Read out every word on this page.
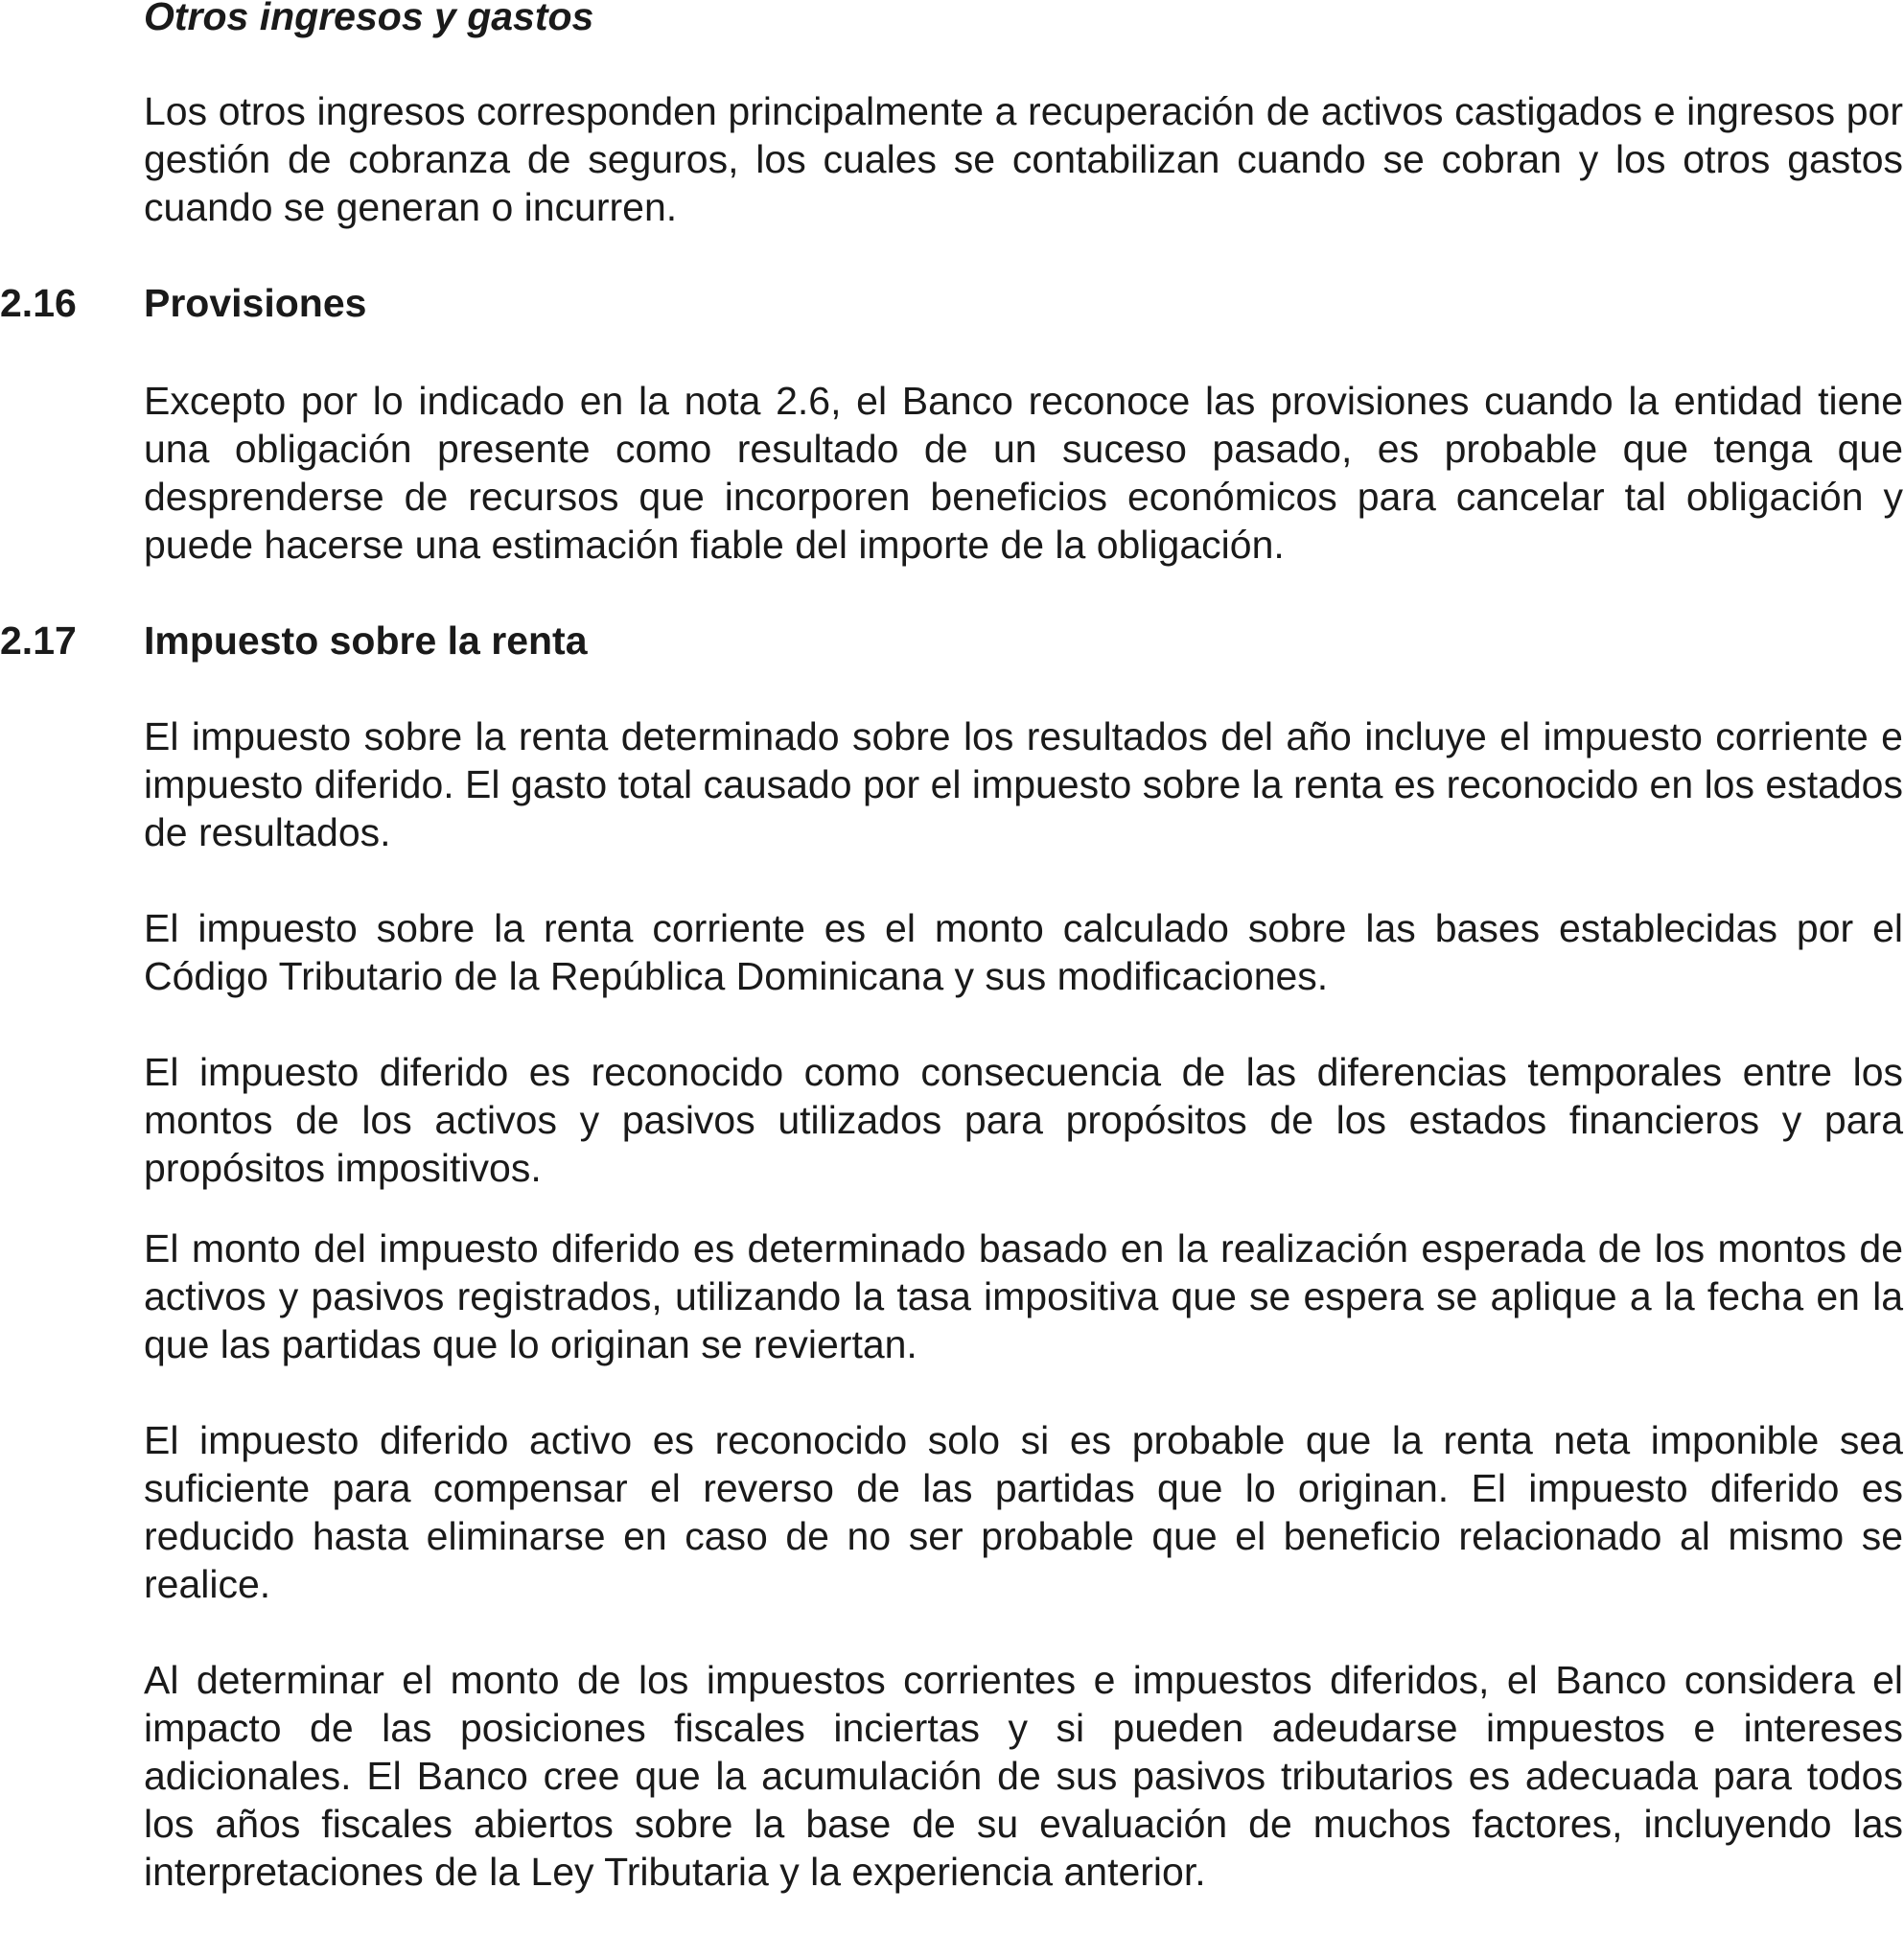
Otros ingresos y gastos
Los otros ingresos corresponden principalmente a recuperación de activos castigados e ingresos por gestión de cobranza de seguros, los cuales se contabilizan cuando se cobran y los otros gastos cuando se generan o incurren.
2.16 Provisiones
Excepto por lo indicado en la nota 2.6, el Banco reconoce las provisiones cuando la entidad tiene una obligación presente como resultado de un suceso pasado, es probable que tenga que desprenderse de recursos que incorporen beneficios económicos para cancelar tal obligación y puede hacerse una estimación fiable del importe de la obligación.
2.17 Impuesto sobre la renta
El impuesto sobre la renta determinado sobre los resultados del año incluye el impuesto corriente e impuesto diferido. El gasto total causado por el impuesto sobre la renta es reconocido en los estados de resultados.
El impuesto sobre la renta corriente es el monto calculado sobre las bases establecidas por el Código Tributario de la República Dominicana y sus modificaciones.
El impuesto diferido es reconocido como consecuencia de las diferencias temporales entre los montos de los activos y pasivos utilizados para propósitos de los estados financieros y para propósitos impositivos.
El monto del impuesto diferido es determinado basado en la realización esperada de los montos de activos y pasivos registrados, utilizando la tasa impositiva que se espera se aplique a la fecha en la que las partidas que lo originan se reviertan.
El impuesto diferido activo es reconocido solo si es probable que la renta neta imponible sea suficiente para compensar el reverso de las partidas que lo originan. El impuesto diferido es reducido hasta eliminarse en caso de no ser probable que el beneficio relacionado al mismo se realice.
Al determinar el monto de los impuestos corrientes e impuestos diferidos, el Banco considera el impacto de las posiciones fiscales inciertas y si pueden adeudarse impuestos e intereses adicionales. El Banco cree que la acumulación de sus pasivos tributarios es adecuada para todos los años fiscales abiertos sobre la base de su evaluación de muchos factores, incluyendo las interpretaciones de la Ley Tributaria y la experiencia anterior.
